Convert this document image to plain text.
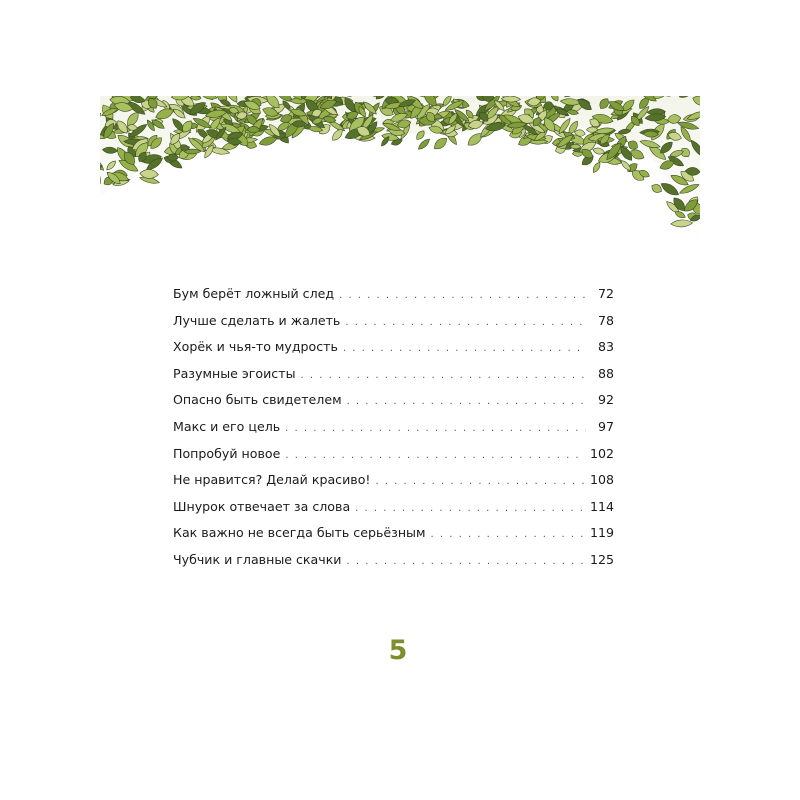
Бум берёт ложный след . . .	72
Лучше сделать и жалеть . . .	78
Хорёк и чья-то мудрость . . .	83
Разумные эгоисты . . .	88
Опасно быть свидетелем . . .	92
Макс и его цель . . .	97
Попробуй новое . . .	102
Не нравится? Делай красиво! . . .	108
Шнурок отвечает за слова . . .	114
Как важно не всегда быть серьёзным . . .	119
Чубчик и главные скачки . . .	125
5
